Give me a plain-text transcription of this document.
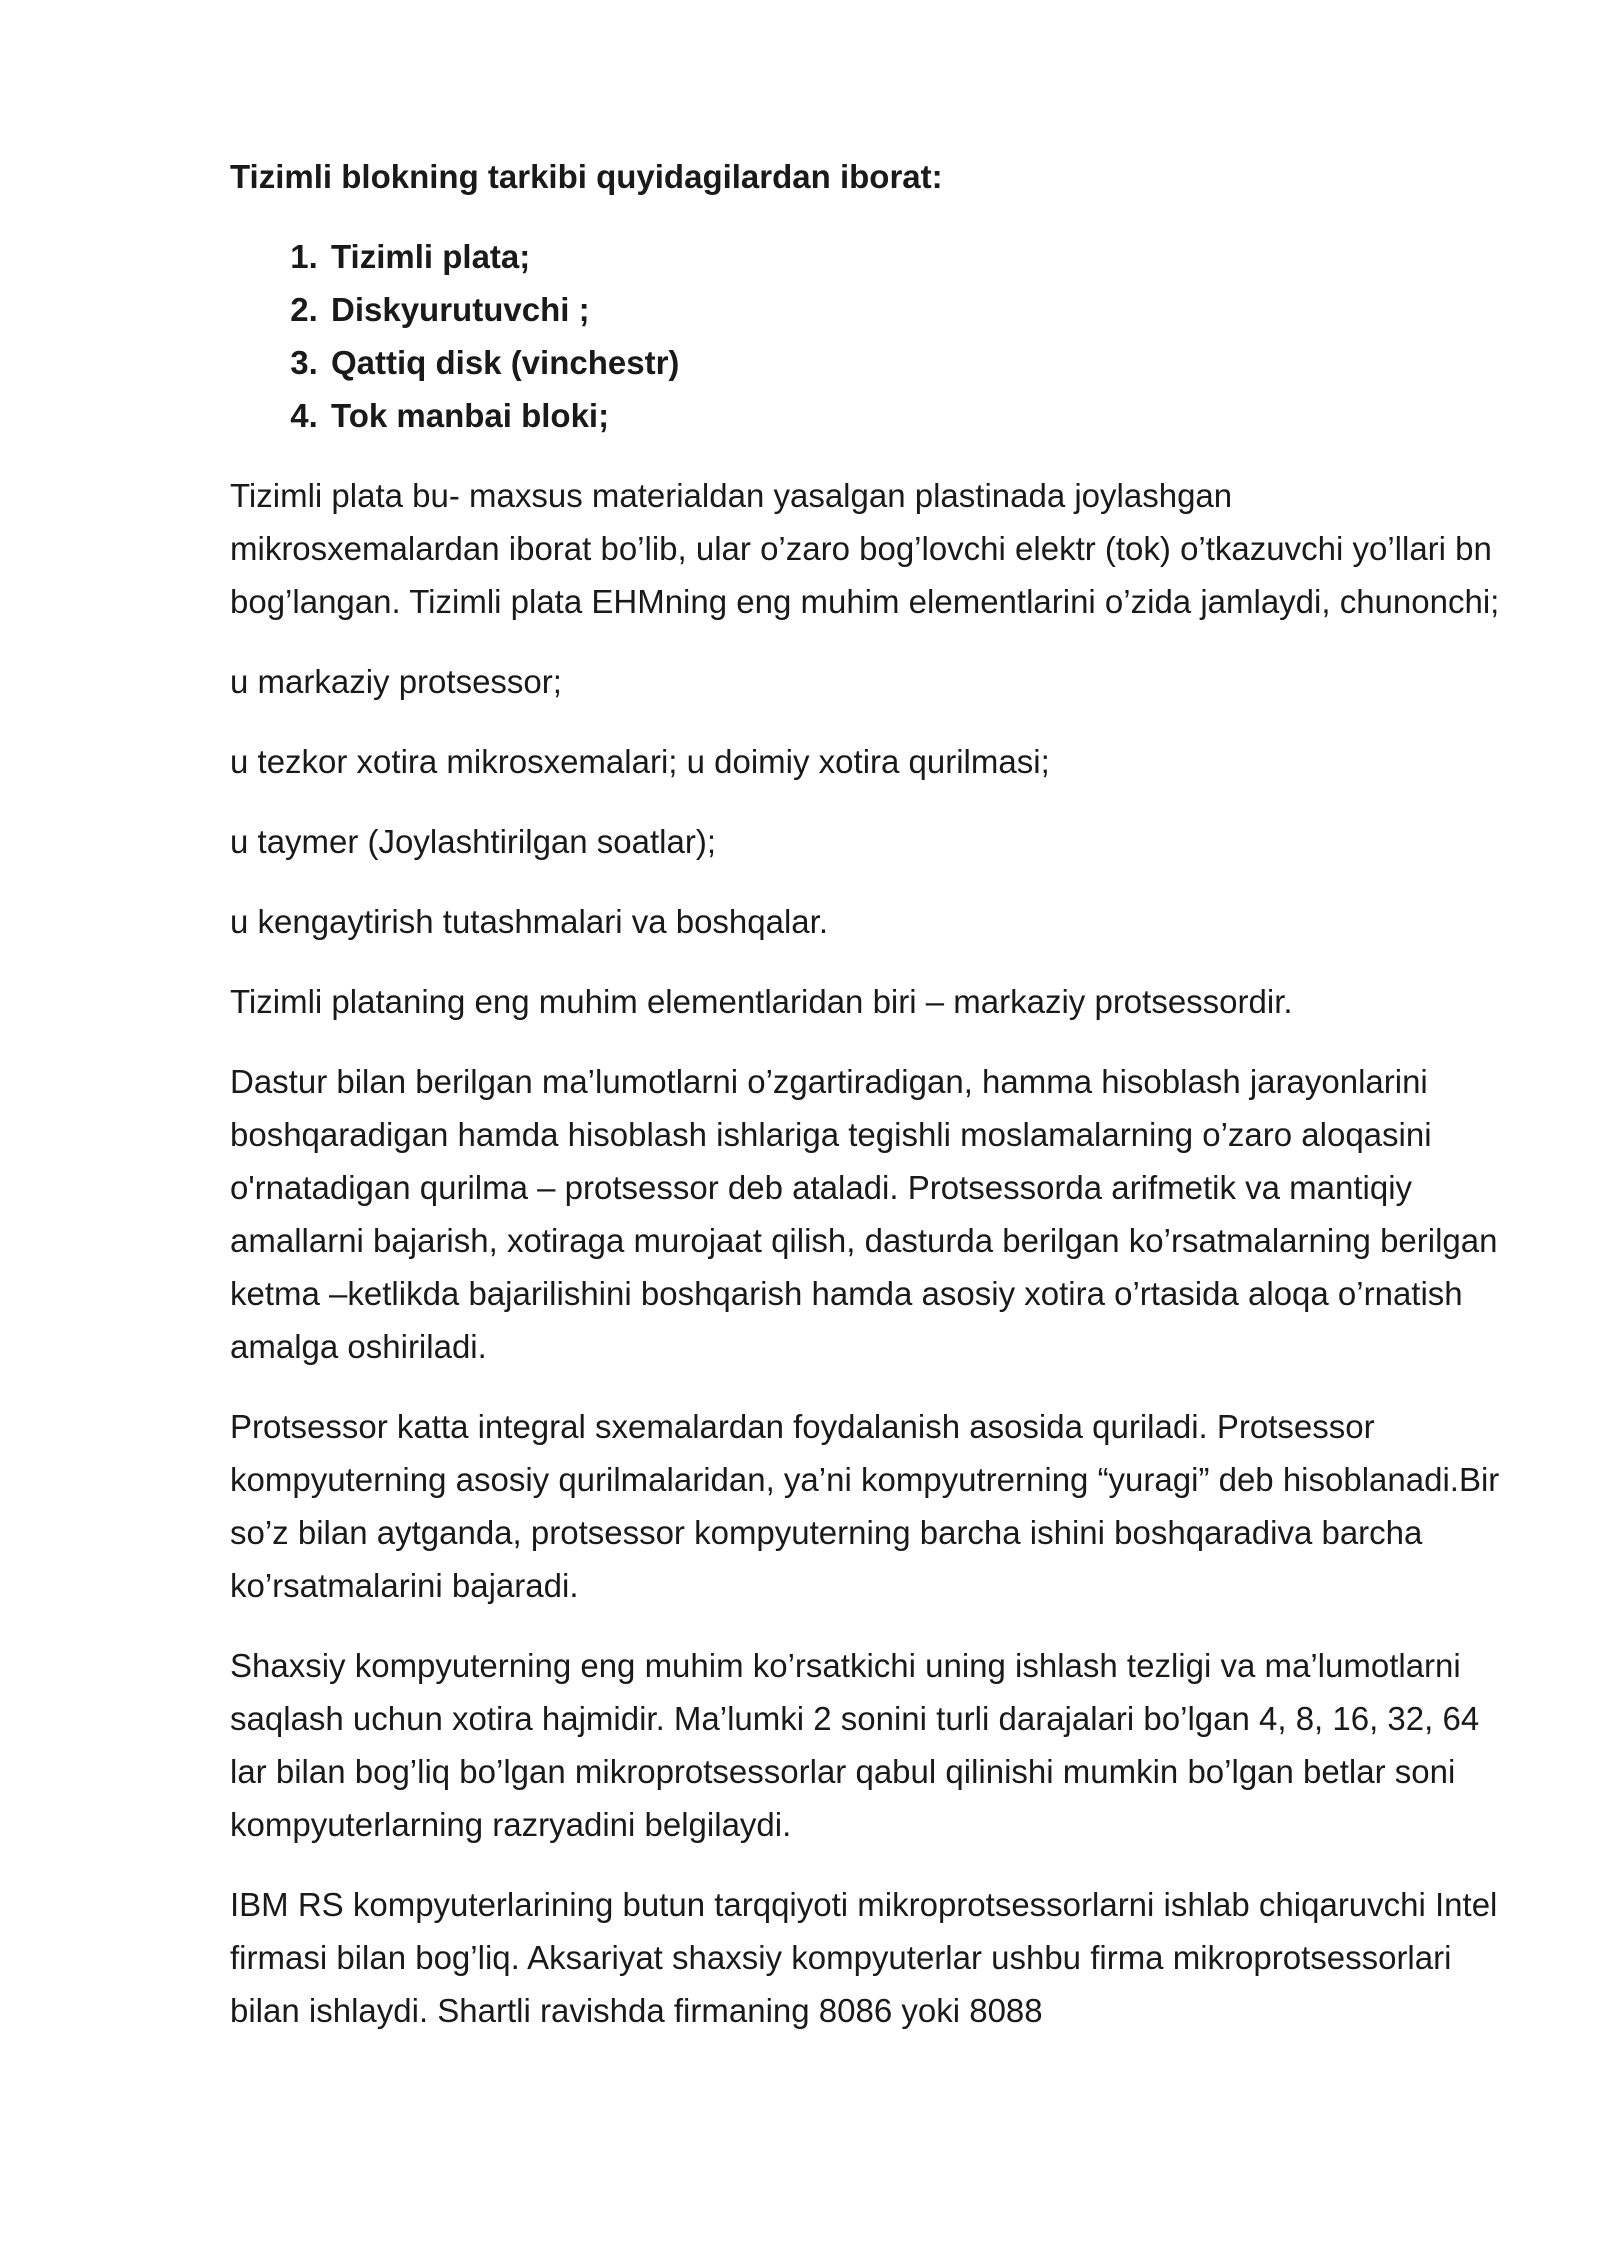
Tizimli blokning tarkibi quyidagilardan iborat:
1. Tizimli plata;
2. Diskyurutuvchi ;
3. Qattiq disk (vinchestr)
4. Tok manbai bloki;

Tizimli plata bu- maxsus materialdan yasalgan plastinada joylashgan mikrosxemalardan iborat bo’lib, ular o’zaro bog’lovchi elektr (tok) o’tkazuvchi yo’llari bn bog’langan. Tizimli plata EHMning eng muhim elementlarini o’zida jamlaydi, chunonchi;

u markaziy protsessor;

u tezkor xotira mikrosxemalari; u doimiy xotira qurilmasi;

u taymer (Joylashtirilgan soatlar);

u kengaytirish tutashmalari va boshqalar.

Tizimli plataning eng muhim elementlaridan biri – markaziy protsessordir.

Dastur bilan berilgan ma’lumotlarni o’zgartiradigan, hamma hisoblash jarayonlarini boshqaradigan hamda hisoblash ishlariga tegishli moslamalarning o’zaro aloqasini o'rnatadigan qurilma – protsessor deb ataladi. Protsessorda arifmetik va mantiqiy amallarni bajarish, xotiraga murojaat qilish, dasturda berilgan ko’rsatmalarning berilgan ketma –ketlikda bajarilishini boshqarish hamda asosiy xotira o’rtasida aloqa o’rnatish amalga oshiriladi.

Protsessor katta integral sxemalardan foydalanish asosida quriladi. Protsessor kompyuterning asosiy qurilmalaridan, ya’ni kompyutrerning “yuragi” deb hisoblanadi.Bir so’z bilan aytganda, protsessor kompyuterning barcha ishini boshqaradiva barcha ko’rsatmalarini bajaradi.

Shaxsiy kompyuterning eng muhim ko’rsatkichi uning ishlash tezligi va ma’lumotlarni saqlash uchun xotira hajmidir. Ma’lumki 2 sonini turli darajalari bo’lgan 4, 8, 16, 32, 64 lar bilan bog’liq bo’lgan mikroprotsessorlar qabul qilinishi mumkin bo’lgan betlar soni kompyuterlarning razryadini belgilaydi.

IBM RS kompyuterlarining butun tarqqiyoti mikroprotsessorlarni ishlab chiqaruvchi Intel firmasi bilan bog’liq. Aksariyat shaxsiy kompyuterlar ushbu firma mikroprotsessorlari bilan ishlaydi. Shartli ravishda firmaning 8086 yoki 8088
